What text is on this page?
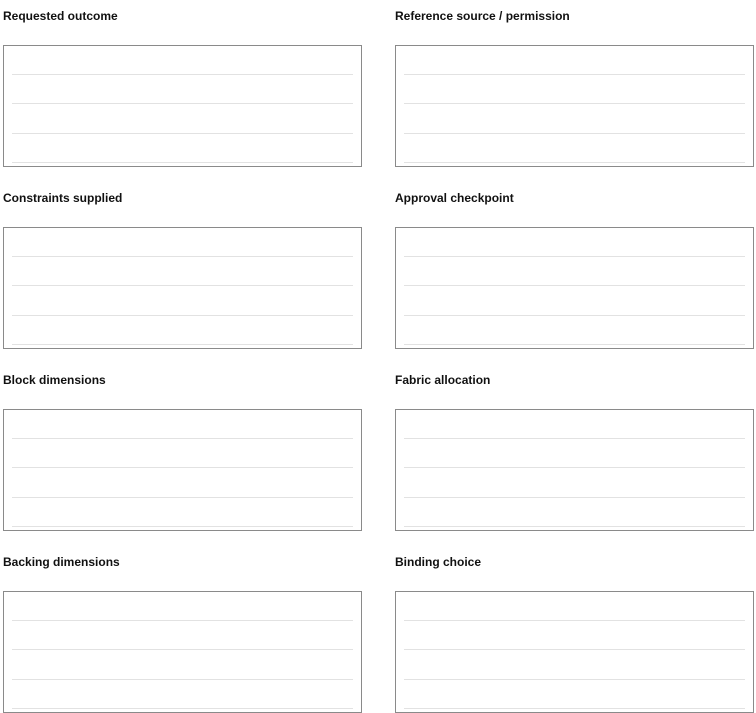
Requested outcome	Reference source / permission
Constraints supplied	Approval checkpoint
Block dimensions	Fabric allocation
Backing dimensions	Binding choice
